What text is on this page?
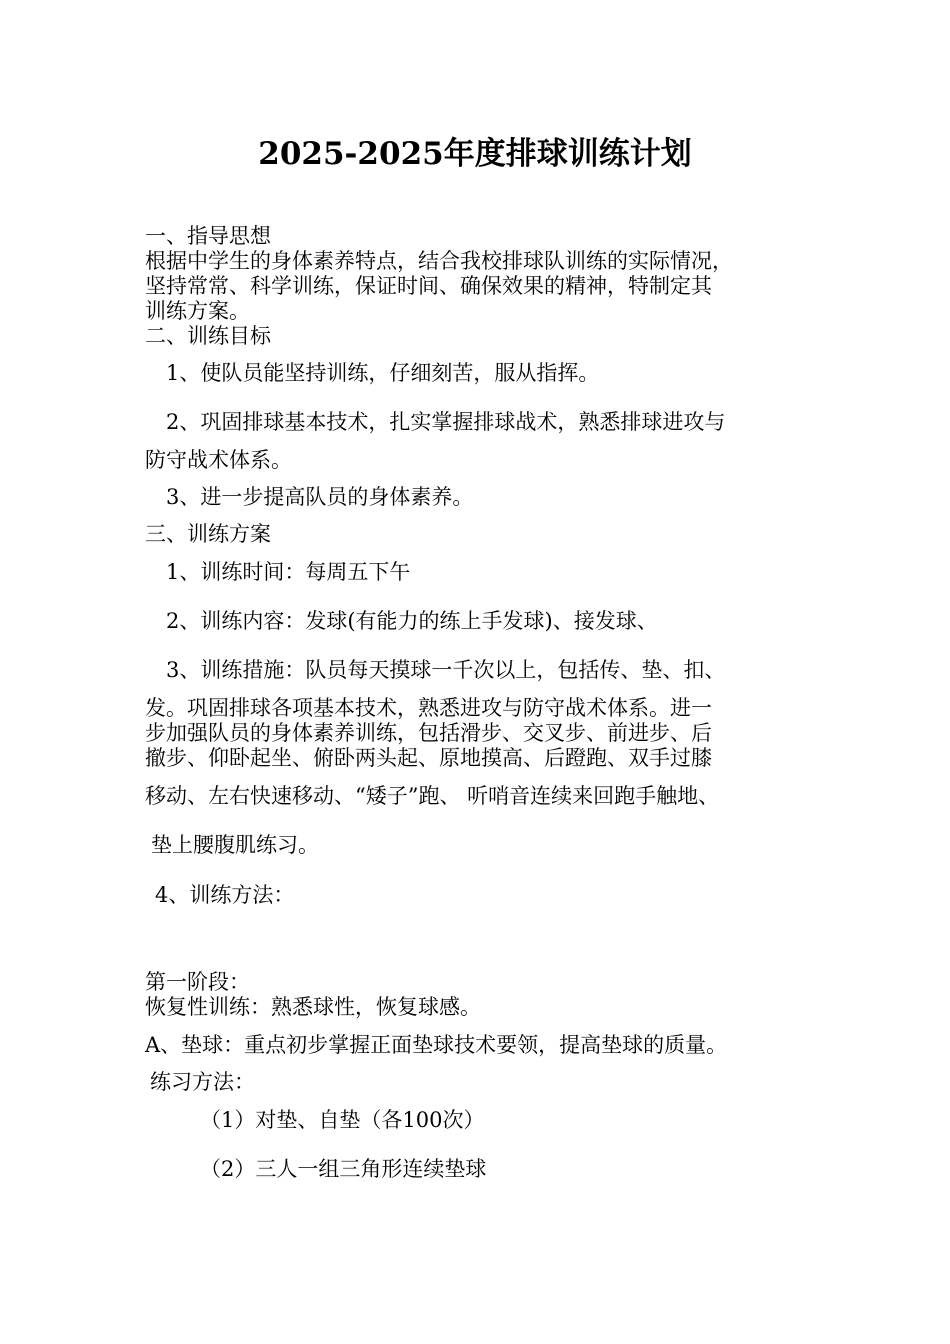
2025-2025年度排球训练计划
一、指导思想
根据中学生的身体素养特点，结合我校排球队训练的实际情况，
坚持常常、科学训练，保证时间、确保效果的精神，特制定其
训练方案。
二、训练目标
1、使队员能坚持训练，仔细刻苦，服从指挥。
2、巩固排球基本技术，扎实掌握排球战术，熟悉排球进攻与
防守战术体系。
3、进一步提高队员的身体素养。
三、训练方案
1、训练时间：每周五下午
2、训练内容：发球(有能力的练上手发球)、接发球、
3、训练措施：队员每天摸球一千次以上，包括传、垫、扣、
发。巩固排球各项基本技术，熟悉进攻与防守战术体系。进一
步加强队员的身体素养训练，包括滑步、交叉步、前进步、后
撤步、仰卧起坐、俯卧两头起、原地摸高、后蹬跑、双手过膝
移动、左右快速移动、“矮子”跑、 听哨音连续来回跑手触地、
垫上腰腹肌练习。
4、训练方法：
第一阶段：
恢复性训练：熟悉球性，恢复球感。
A、垫球：重点初步掌握正面垫球技术要领，提高垫球的质量。
练习方法：
（1）对垫、自垫（各100次）
（2）三人一组三角形连续垫球
